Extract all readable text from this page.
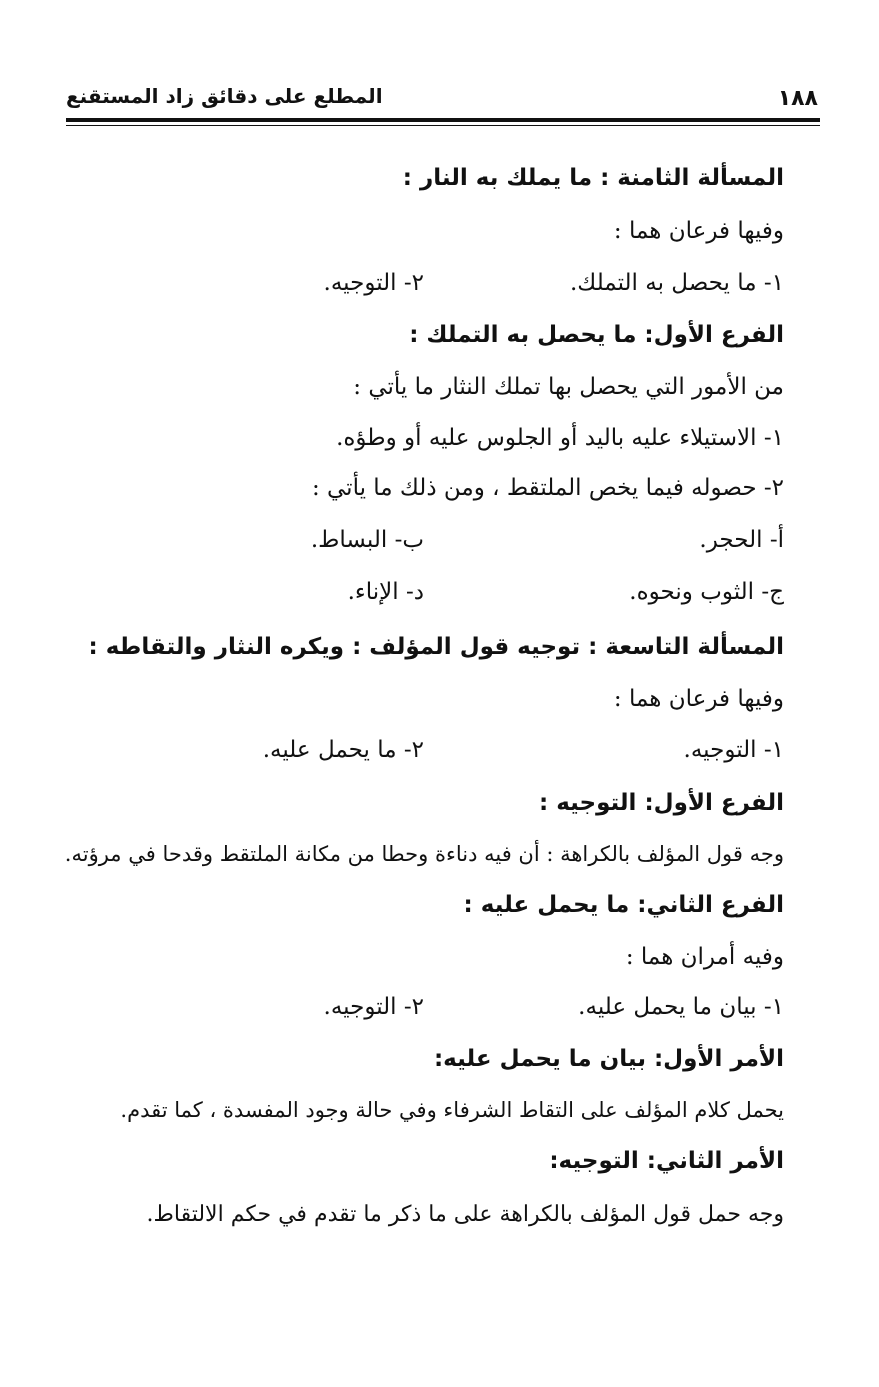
١٨٨
المطلع على دقائق زاد المستقنع
المسألة الثامنة : ما يملك به النار :
وفيها فرعان هما :
١- ما يحصل به التملك.
٢- التوجيه.
الفرع الأول: ما يحصل به التملك :
من الأمور التي يحصل بها تملك النثار ما يأتي :
١- الاستيلاء عليه باليد أو الجلوس عليه أو وطؤه.
٢- حصوله فيما يخص الملتقط ، ومن ذلك ما يأتي :
أ- الحجر.
ب- البساط.
ج- الثوب ونحوه.
د- الإناء.
المسألة التاسعة : توجيه قول المؤلف : ويكره النثار والتقاطه :
وفيها فرعان هما :
١- التوجيه.
٢- ما يحمل عليه.
الفرع الأول: التوجيه :
وجه قول المؤلف بالكراهة : أن فيه دناءة وحطا من مكانة الملتقط وقدحا في مرؤته.
الفرع الثاني: ما يحمل عليه :
وفيه أمران هما :
١- بيان ما يحمل عليه.
٢- التوجيه.
الأمر الأول: بيان ما يحمل عليه:
يحمل كلام المؤلف على التقاط الشرفاء وفي حالة وجود المفسدة ، كما تقدم.
الأمر الثاني: التوجيه:
وجه حمل قول المؤلف بالكراهة على ما ذكر ما تقدم في حكم الالتقاط.
